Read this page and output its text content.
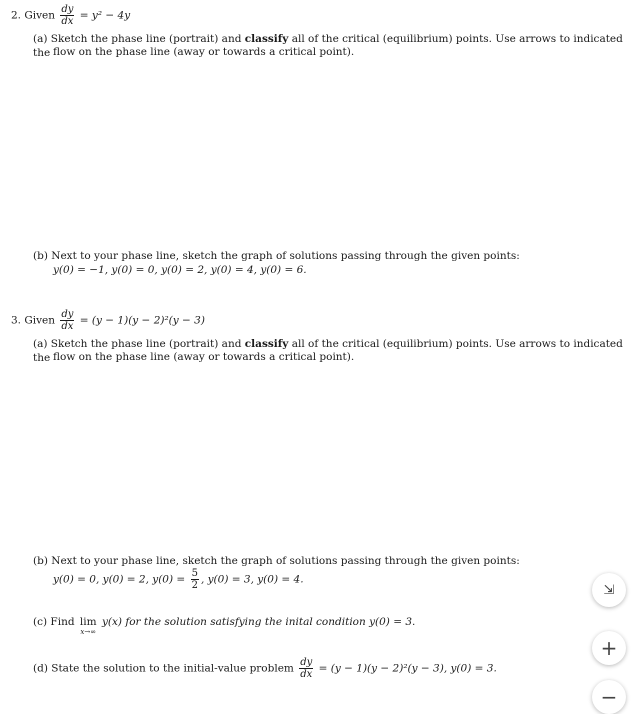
2. Given $\frac{dy}{dx} = y^2 - 4y$
(a) Sketch the phase line (portrait) and classify all of the critical (equilibrium) points. Use arrows to indicated the flow on the phase line (away or towards a critical point).
(b) Next to your phase line, sketch the graph of solutions passing through the given points:
y(0) = −1, y(0) = 0, y(0) = 2, y(0) = 4, y(0) = 6.
3. Given $\frac{dy}{dx} = (y - 1)(y - 2)^2(y - 3)$
(a) Sketch the phase line (portrait) and classify all of the critical (equilibrium) points. Use arrows to indicated the flow on the phase line (away or towards a critical point).
(b) Next to your phase line, sketch the graph of solutions passing through the given points:
y(0) = 0, y(0) = 2, $y(0) = \frac{5}{2}$ , y(0) = 3, y(0) = 4.
(c) Find lim
x→∞
y(x) for the solution satisfying the inital condition y(0) = 3.
(d) State the solution to the initial-value problem $\frac{dy}{dx} = (y - 1)(y - 2)^2(y - 3)$, y(0) = 3.
⇲
+
−
